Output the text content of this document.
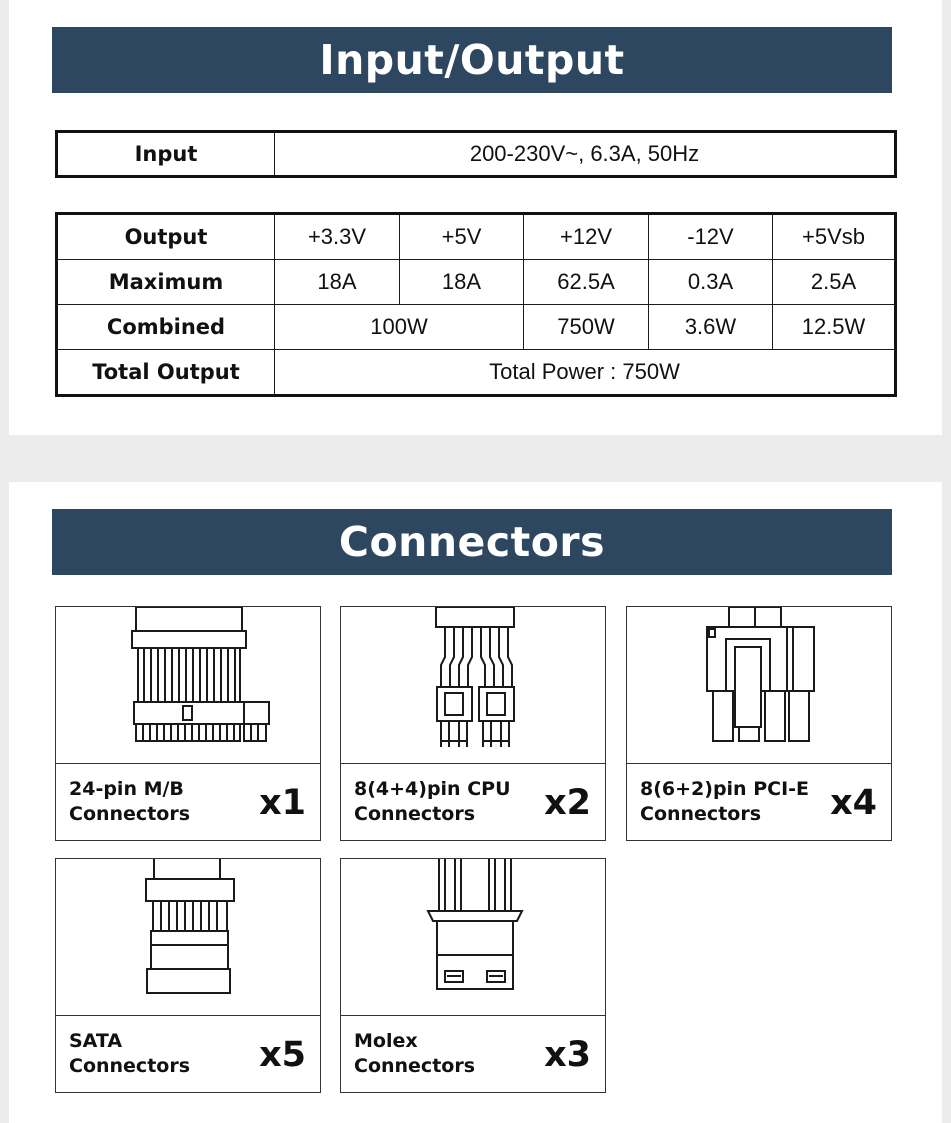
Input/Output
Input	200-230V~, 6.3A, 50Hz
Output	+3.3V	+5V	+12V	-12V	+5Vsb
Maximum	18A	18A	62.5A	0.3A	2.5A
Combined	100W		750W	3.6W	12.5W
Total Output	Total Power : 750W				
Connectors
24-pin M/B
Connectors	x1	8(4+4)pin CPU
Connectors	x2	8(6+2)pin PCI-E
Connectors	x4
SATA
Connectors	x5	Molex
Connectors	x3
